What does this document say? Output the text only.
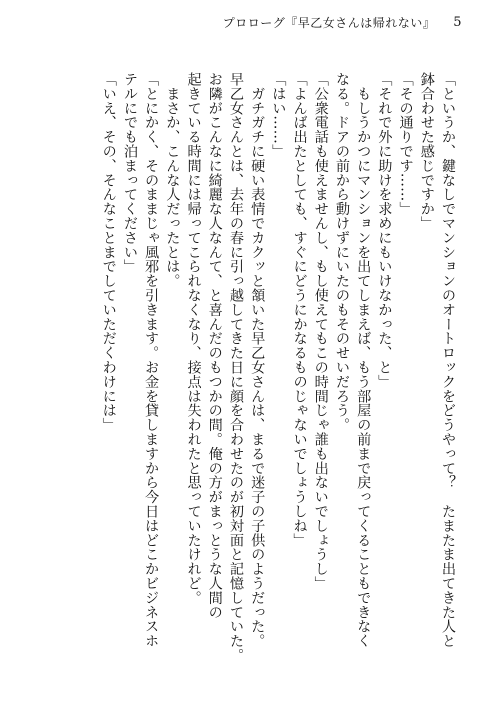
5
プロローグ『早乙女さんは帰れない』
「というか、鍵なしでマンションのオートロックをどうやって？　たまたま出てきた人と
鉢合わせた感じですか」
「その通りです……」
「それで外に助けを求めにもいけなかった、と」
　もしうかつにマンションを出てしまえば、もう部屋の前まで戻ってくることもできなく
なる。ドアの前から動けずにいたのもそのせいだろう。
「公衆電話も使えませんし、もし使えてもこの時間じゃ誰も出ないでしょうし」
「よんば出たとしても、すぐにどうにかなるものじゃないでしょうしね」
「はい……」
　ガチガチに硬い表情でカクッと頷いた早乙女さんは、まるで迷子の子供のようだった。
早乙女さんとは、去年の春に引っ越してきた日に顔を合わせたのが初対面と記憶していた。
お隣がこんなに綺麗な人なんて、と喜んだのもつかの間。俺の方がまっとうな人間の
起きている時間には帰ってこられなくなり、接点は失われたと思っていたけれど。
　まさか、こんな人だったとは。
「とにかく、そのままじゃ風邪を引きます。お金を貸しますから今日はどこかビジネスホ
テルにでも泊まってください」
「いえ、その、そんなことまでしていただくわけには」
